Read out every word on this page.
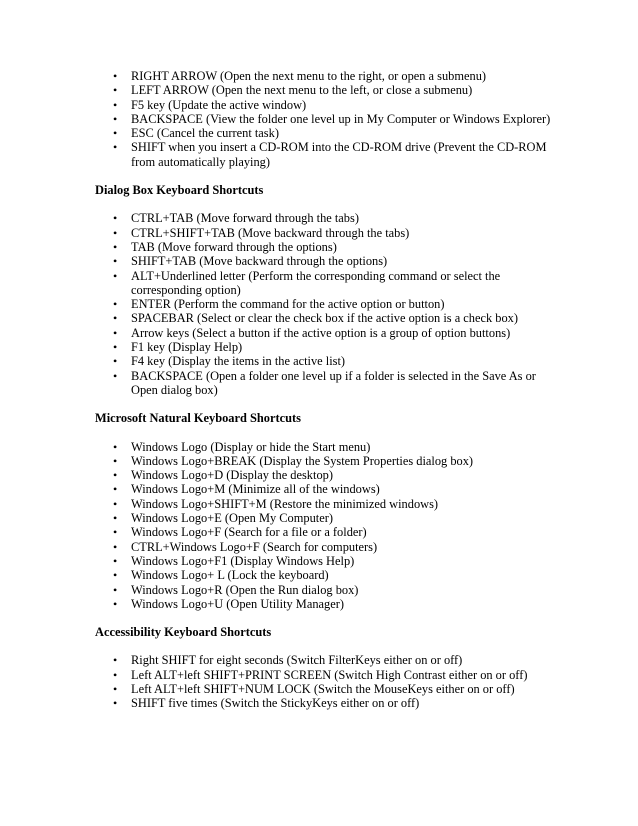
• RIGHT ARROW (Open the next menu to the right, or open a submenu)
• LEFT ARROW (Open the next menu to the left, or close a submenu)
• F5 key (Update the active window)
• BACKSPACE (View the folder one level up in My Computer or Windows Explorer)
• ESC (Cancel the current task)
• SHIFT when you insert a CD-ROM into the CD-ROM drive (Prevent the CD-ROM from automatically playing)

Dialog Box Keyboard Shortcuts

• CTRL+TAB (Move forward through the tabs)
• CTRL+SHIFT+TAB (Move backward through the tabs)
• TAB (Move forward through the options)
• SHIFT+TAB (Move backward through the options)
• ALT+Underlined letter (Perform the corresponding command or select the corresponding option)
• ENTER (Perform the command for the active option or button)
• SPACEBAR (Select or clear the check box if the active option is a check box)
• Arrow keys (Select a button if the active option is a group of option buttons)
• F1 key (Display Help)
• F4 key (Display the items in the active list)
• BACKSPACE (Open a folder one level up if a folder is selected in the Save As or Open dialog box)

Microsoft Natural Keyboard Shortcuts

• Windows Logo (Display or hide the Start menu)
• Windows Logo+BREAK (Display the System Properties dialog box)
• Windows Logo+D (Display the desktop)
• Windows Logo+M (Minimize all of the windows)
• Windows Logo+SHIFT+M (Restore the minimized windows)
• Windows Logo+E (Open My Computer)
• Windows Logo+F (Search for a file or a folder)
• CTRL+Windows Logo+F (Search for computers)
• Windows Logo+F1 (Display Windows Help)
• Windows Logo+ L (Lock the keyboard)
• Windows Logo+R (Open the Run dialog box)
• Windows Logo+U (Open Utility Manager)

Accessibility Keyboard Shortcuts

• Right SHIFT for eight seconds (Switch FilterKeys either on or off)
• Left ALT+left SHIFT+PRINT SCREEN (Switch High Contrast either on or off)
• Left ALT+left SHIFT+NUM LOCK (Switch the MouseKeys either on or off)
• SHIFT five times (Switch the StickyKeys either on or off)
